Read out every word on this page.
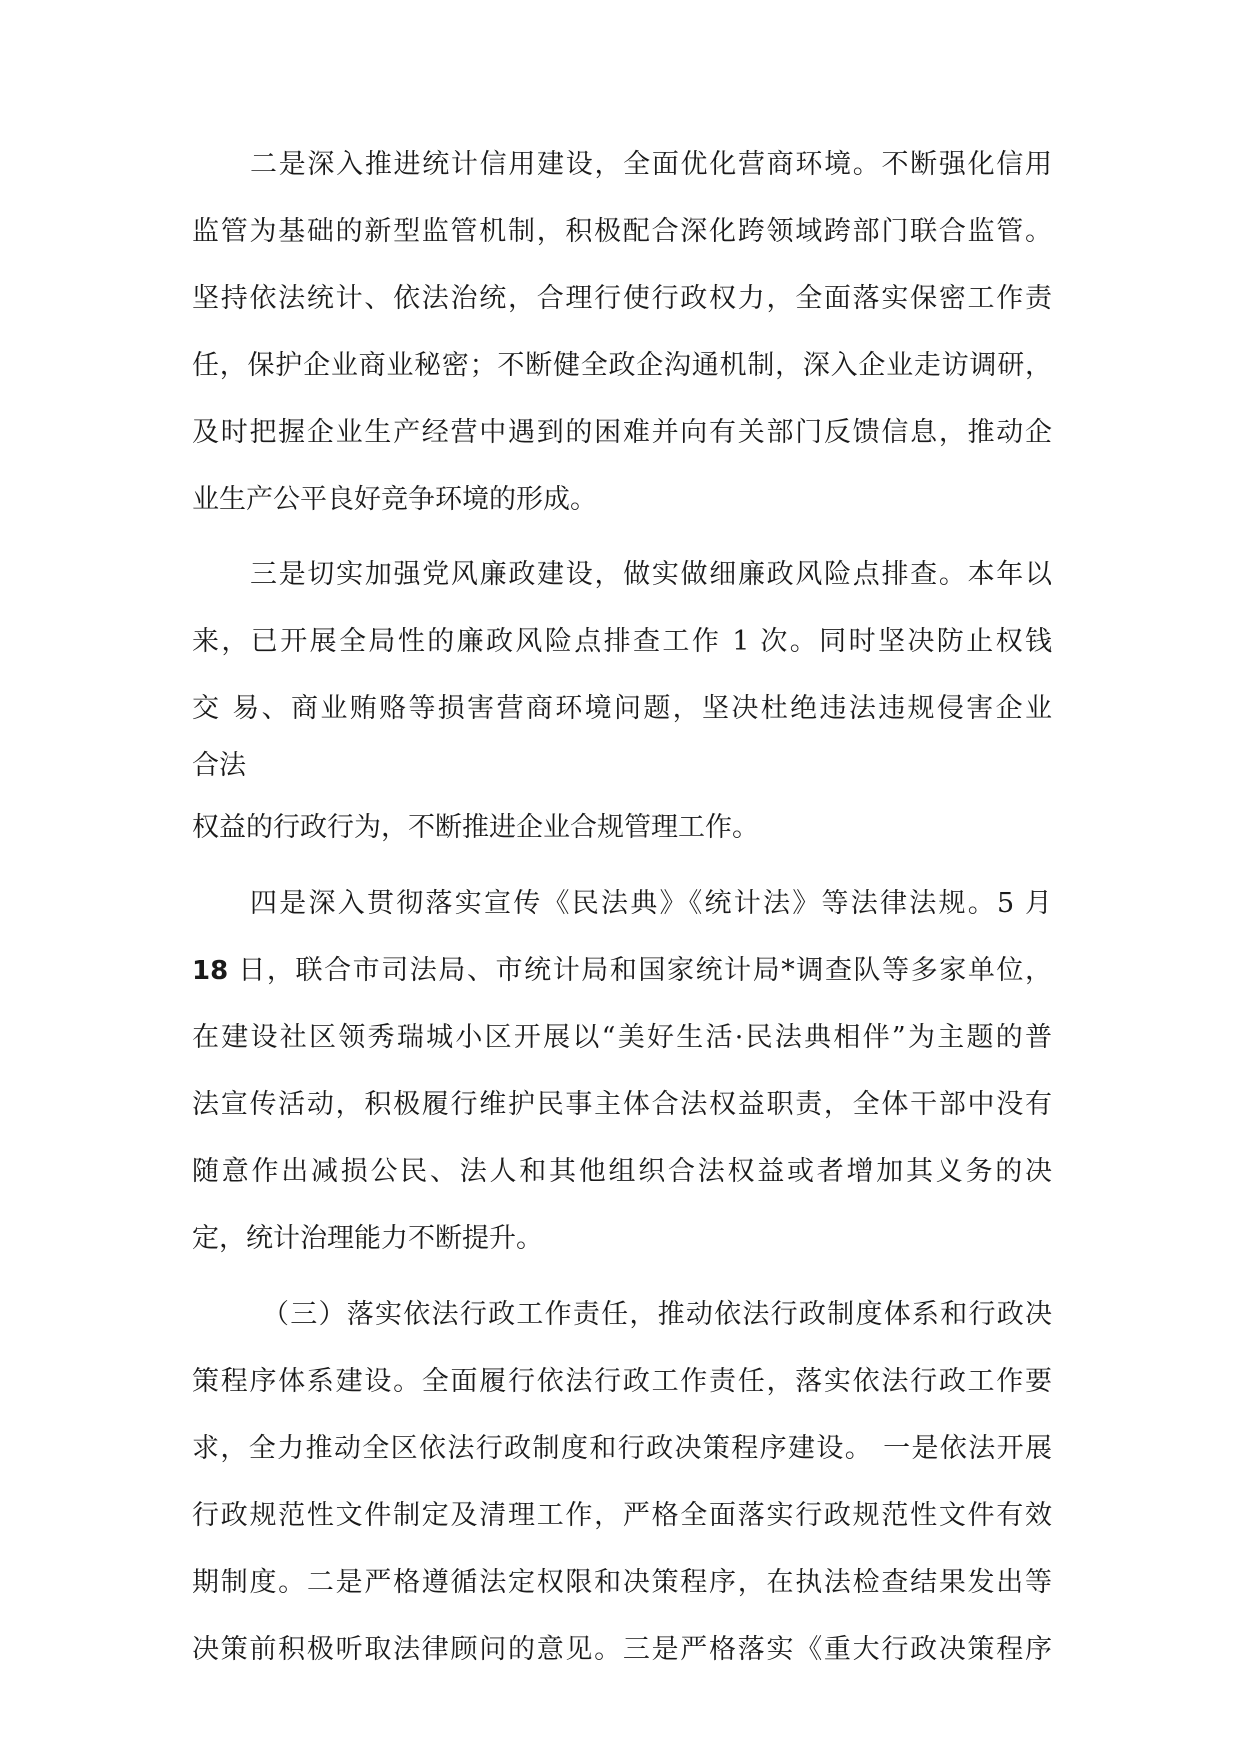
二是深入推进统计信用建设，全面优化营商环境。不断强化信用
监管为基础的新型监管机制，积极配合深化跨领域跨部门联合监管。
坚持依法统计、依法治统，合理行使行政权力，全面落实保密工作责
任，保护企业商业秘密；不断健全政企沟通机制，深入企业走访调研，
及时把握企业生产经营中遇到的困难并向有关部门反馈信息，推动企
业生产公平良好竞争环境的形成。
三是切实加强党风廉政建设，做实做细廉政风险点排查。本年以
来，已开展全局性的廉政风险点排查工作 1 次。同时坚决防止权钱
交 易、商业贿赂等损害营商环境问题，坚决杜绝违法违规侵害企业
合法
权益的行政行为，不断推进企业合规管理工作。
四是深入贯彻落实宣传《民法典》《统计法》等法律法规。5 月
18 日，联合市司法局、市统计局和国家统计局*调查队等多家单位，
在建设社区领秀瑞城小区开展以“美好生活·民法典相伴”为主题的普
法宣传活动，积极履行维护民事主体合法权益职责，全体干部中没有
随意作出减损公民、法人和其他组织合法权益或者增加其义务的决
定，统计治理能力不断提升。
（三）落实依法行政工作责任，推动依法行政制度体系和行政决
策程序体系建设。全面履行依法行政工作责任，落实依法行政工作要
求，全力推动全区依法行政制度和行政决策程序建设。 一是依法开展
行政规范性文件制定及清理工作，严格全面落实行政规范性文件有效
期制度。二是严格遵循法定权限和决策程序，在执法检查结果发出等
决策前积极听取法律顾问的意见。三是严格落实《重大行政决策程序
